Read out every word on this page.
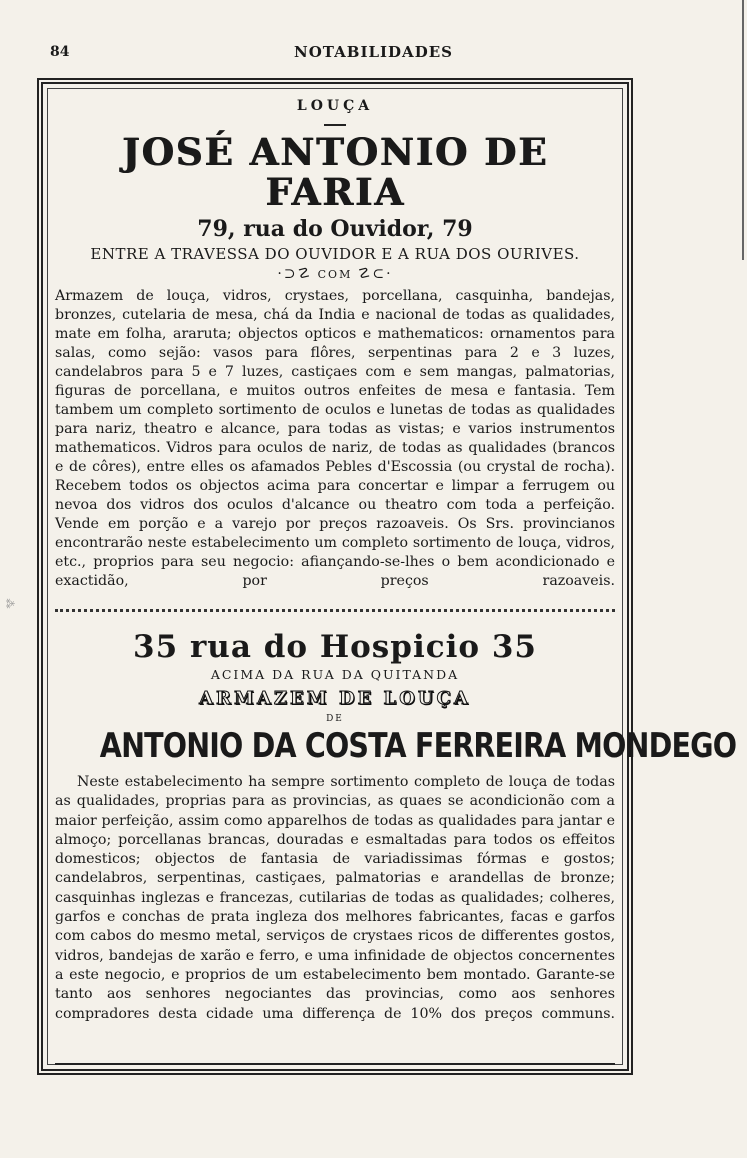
84	NOTABILIDADES
⁂
LOUÇA
JOSÉ ANTONIO DE FARIA
79, rua do Ouvidor, 79
ENTRE A TRAVESSA DO OUVIDOR E A RUA DOS OURIVES.
·⊃☡ COM ☡⊂·
Armazem de louça, vidros, crystaes, porcellana, casquinha, bandejas, bronzes, cutelaria de mesa, chá da India e nacional de todas as qualidades, mate em folha, araruta; objectos opticos e mathematicos: ornamentos para salas, como sejão: vasos para flôres, serpentinas para 2 e 3 luzes, candelabros para 5 e 7 luzes, castiçaes com e sem mangas, palmatorias, figuras de porcellana, e muitos outros enfeites de mesa e fantasia. Tem tambem um completo sortimento de oculos e lunetas de todas as qualidades para nariz, theatro e alcance, para todas as vistas; e varios instrumentos mathematicos. Vidros para oculos de nariz, de todas as qualidades (brancos e de côres), entre elles os afamados Pebles d'Escossia (ou crystal de rocha). Recebem todos os objectos acima para concertar e limpar a ferrugem ou nevoa dos vidros dos oculos d'alcance ou theatro com toda a perfeição. Vende em porção e a varejo por preços razoaveis. Os Srs. provincianos encontrarão neste estabelecimento um completo sortimento de louça, vidros, etc., proprios para seu negocio: afiançando-se-lhes o bem acondicionado e exactidão, por preços razoaveis.
35 rua do Hospicio 35
ACIMA DA RUA DA QUITANDA
ARMAZEM DE LOUÇA
DE
ANTONIO DA COSTA FERREIRA MONDEGO
Neste estabelecimento ha sempre sortimento completo de louça de todas as qualidades, proprias para as provincias, as quaes se acondicionão com a maior perfeição, assim como apparelhos de todas as qualidades para jantar e almoço; porcellanas brancas, douradas e esmaltadas para todos os effeitos domesticos; objectos de fantasia de variadissimas fórmas e gostos; candelabros, serpentinas, castiçaes, palmatorias e arandellas de bronze; casquinhas inglezas e francezas, cutilarias de todas as qualidades; colheres, garfos e conchas de prata ingleza dos melhores fabricantes, facas e garfos com cabos do mesmo metal, serviços de crystaes ricos de differentes gostos, vidros, bandejas de xarão e ferro, e uma infinidade de objectos concernentes a este negocio, e proprios de um estabelecimento bem montado. Garante-se tanto aos senhores negociantes das provincias, como aos senhores compradores desta cidade uma differença de 10% dos preços communs.
